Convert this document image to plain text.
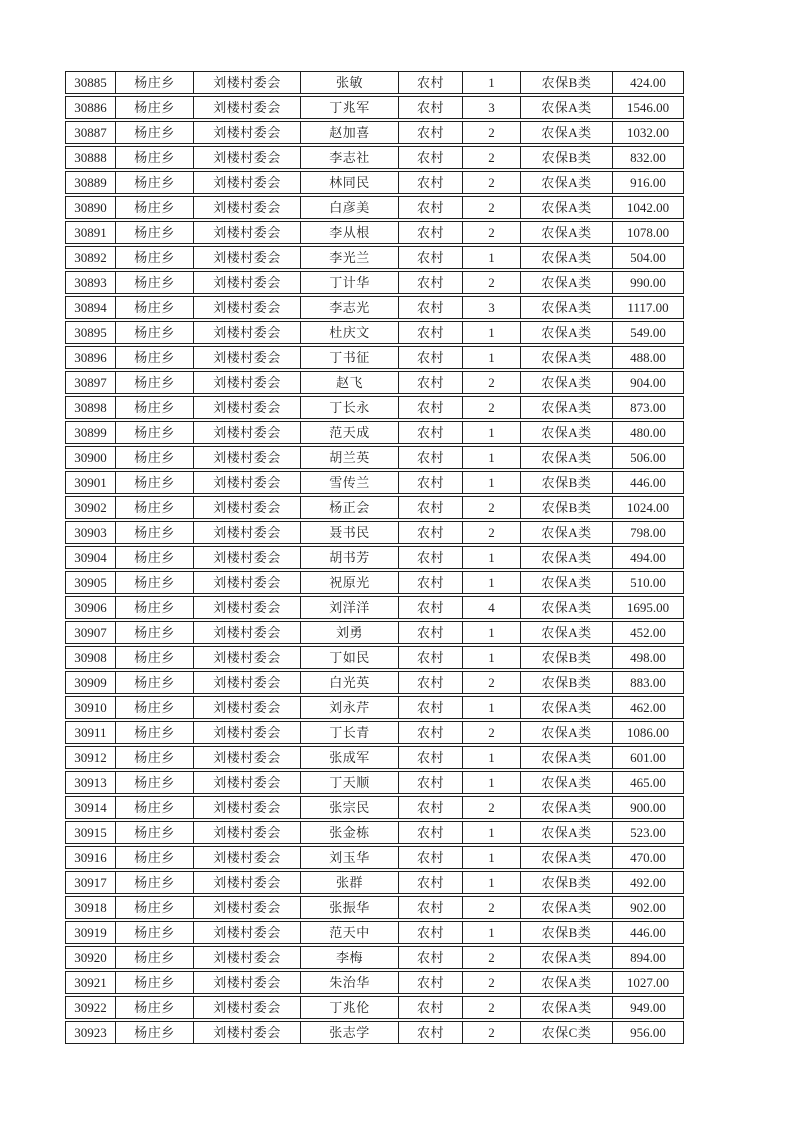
30885	杨庄乡	刘楼村委会	张敏	农村	1	农保B类	424.00
30886	杨庄乡	刘楼村委会	丁兆军	农村	3	农保A类	1546.00
30887	杨庄乡	刘楼村委会	赵加喜	农村	2	农保A类	1032.00
30888	杨庄乡	刘楼村委会	李志社	农村	2	农保B类	832.00
30889	杨庄乡	刘楼村委会	林同民	农村	2	农保A类	916.00
30890	杨庄乡	刘楼村委会	白彦美	农村	2	农保A类	1042.00
30891	杨庄乡	刘楼村委会	李从根	农村	2	农保A类	1078.00
30892	杨庄乡	刘楼村委会	李光兰	农村	1	农保A类	504.00
30893	杨庄乡	刘楼村委会	丁计华	农村	2	农保A类	990.00
30894	杨庄乡	刘楼村委会	李志光	农村	3	农保A类	1117.00
30895	杨庄乡	刘楼村委会	杜庆文	农村	1	农保A类	549.00
30896	杨庄乡	刘楼村委会	丁书征	农村	1	农保A类	488.00
30897	杨庄乡	刘楼村委会	赵飞	农村	2	农保A类	904.00
30898	杨庄乡	刘楼村委会	丁长永	农村	2	农保A类	873.00
30899	杨庄乡	刘楼村委会	范天成	农村	1	农保A类	480.00
30900	杨庄乡	刘楼村委会	胡兰英	农村	1	农保A类	506.00
30901	杨庄乡	刘楼村委会	雪传兰	农村	1	农保B类	446.00
30902	杨庄乡	刘楼村委会	杨正会	农村	2	农保B类	1024.00
30903	杨庄乡	刘楼村委会	聂书民	农村	2	农保A类	798.00
30904	杨庄乡	刘楼村委会	胡书芳	农村	1	农保A类	494.00
30905	杨庄乡	刘楼村委会	祝原光	农村	1	农保A类	510.00
30906	杨庄乡	刘楼村委会	刘洋洋	农村	4	农保A类	1695.00
30907	杨庄乡	刘楼村委会	刘勇	农村	1	农保A类	452.00
30908	杨庄乡	刘楼村委会	丁如民	农村	1	农保B类	498.00
30909	杨庄乡	刘楼村委会	白光英	农村	2	农保B类	883.00
30910	杨庄乡	刘楼村委会	刘永芹	农村	1	农保A类	462.00
30911	杨庄乡	刘楼村委会	丁长青	农村	2	农保A类	1086.00
30912	杨庄乡	刘楼村委会	张成军	农村	1	农保A类	601.00
30913	杨庄乡	刘楼村委会	丁天顺	农村	1	农保A类	465.00
30914	杨庄乡	刘楼村委会	张宗民	农村	2	农保A类	900.00
30915	杨庄乡	刘楼村委会	张金栋	农村	1	农保A类	523.00
30916	杨庄乡	刘楼村委会	刘玉华	农村	1	农保A类	470.00
30917	杨庄乡	刘楼村委会	张群	农村	1	农保B类	492.00
30918	杨庄乡	刘楼村委会	张振华	农村	2	农保A类	902.00
30919	杨庄乡	刘楼村委会	范天中	农村	1	农保B类	446.00
30920	杨庄乡	刘楼村委会	李梅	农村	2	农保A类	894.00
30921	杨庄乡	刘楼村委会	朱治华	农村	2	农保A类	1027.00
30922	杨庄乡	刘楼村委会	丁兆伦	农村	2	农保A类	949.00
30923	杨庄乡	刘楼村委会	张志学	农村	2	农保C类	956.00
